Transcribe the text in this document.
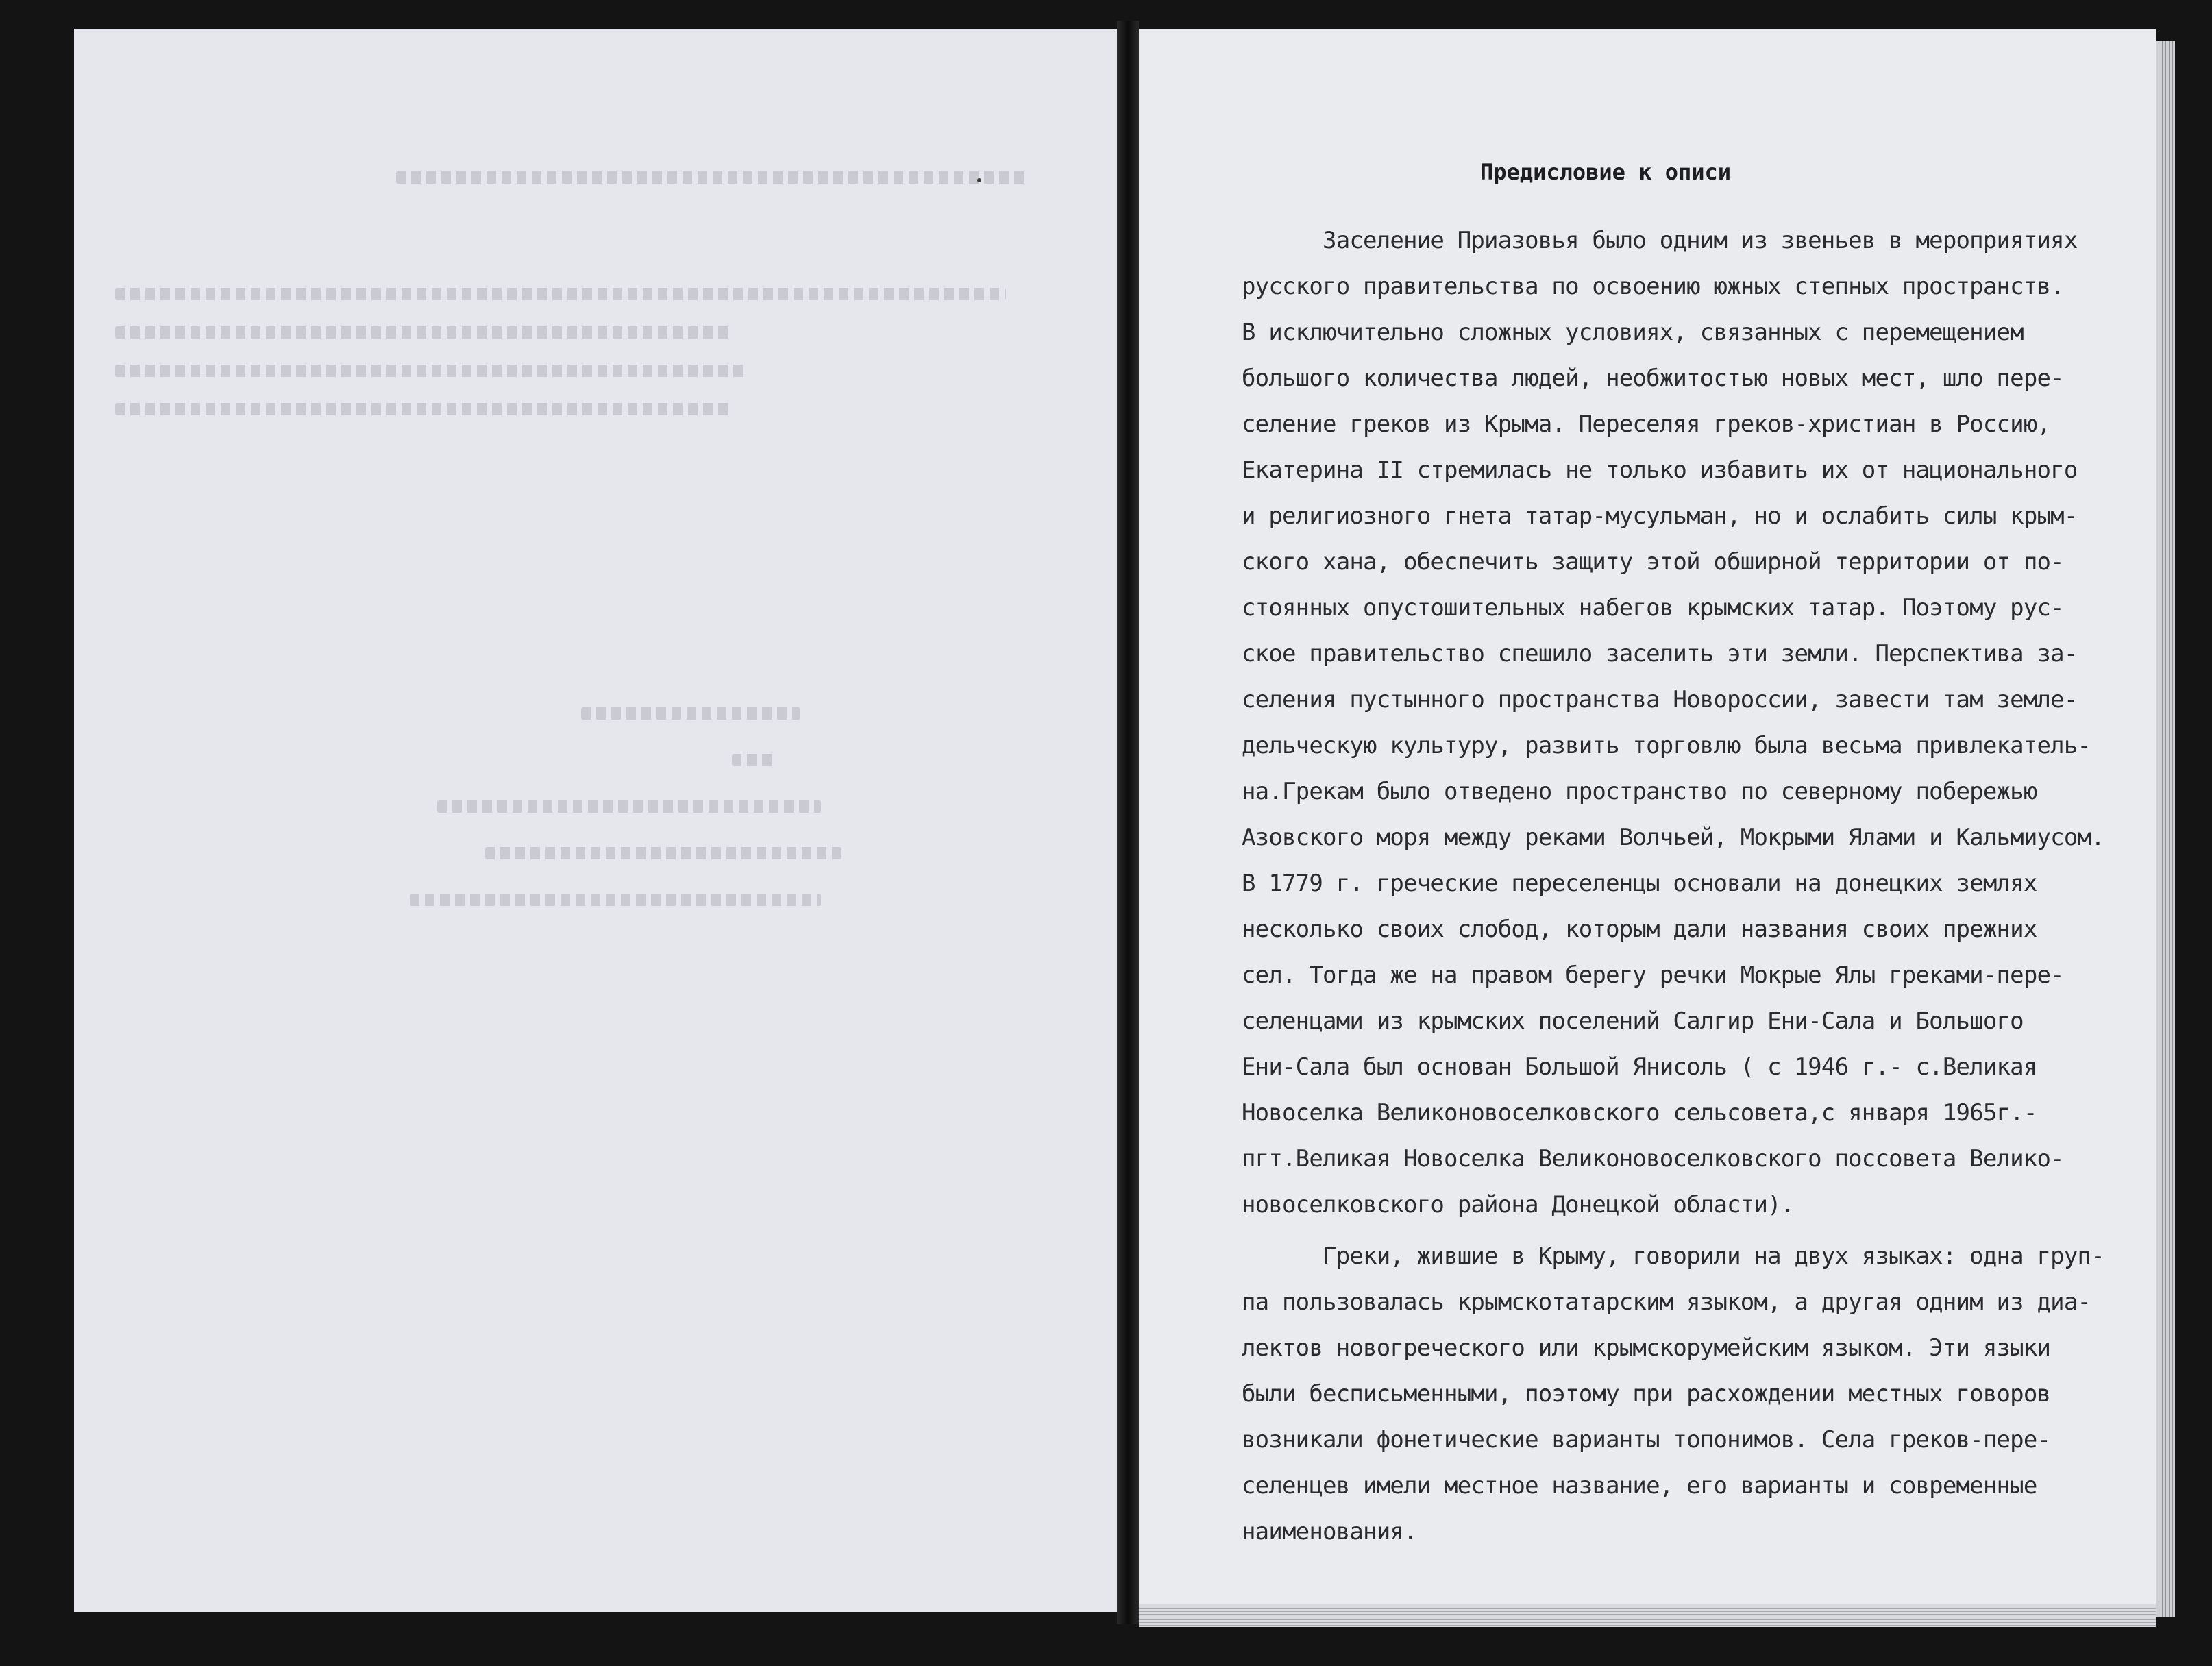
Предисловие к описи
Заселение Приазовья было одним из звеньев в мероприятиях
русского правительства по освоению южных степных пространств.
В исключительно сложных условиях, связанных с перемещением
большого количества людей, необжитостью новых мест, шло пере-
селение греков из Крыма. Переселяя греков-христиан в Россию,
Екатерина II стремилась не только избавить их от национального
и религиозного гнета татар-мусульман, но и ослабить силы крым-
ского хана, обеспечить защиту этой обширной территории от по-
стоянных опустошительных набегов крымских татар. Поэтому рус-
ское правительство спешило заселить эти земли. Перспектива за-
селения пустынного пространства Новороссии, завести там земле-
дельческую культуру, развить торговлю была весьма привлекатель-
на.Грекам было отведено пространство по северному побережью
Азовского моря между реками Волчьей, Мокрыми Ялами и Кальмиусом.
В 1779 г. греческие переселенцы основали на донецких землях
несколько своих слобод, которым дали названия своих прежних
сел. Тогда же на правом берегу речки Мокрые Ялы греками-пере-
селенцами из крымских поселений Салгир Ени-Сала и Большого
Ени-Сала был основан Большой Янисоль ( с 1946 г.- с.Великая
Новоселка Великоновоселковского сельсовета,с января 1965г.-
пгт.Великая Новоселка Великоновоселковского поссовета Велико-
новоселковского района Донецкой области).
Греки, жившие в Крыму, говорили на двух языках: одна груп-
па пользовалась крымскотатарским языком, а другая одним из диа-
лектов новогреческого или крымскорумейским языком. Эти языки
были бесписьменными, поэтому при расхождении местных говоров
возникали фонетические варианты топонимов. Села греков-пере-
селенцев имели местное название, его варианты и современные
наименования.
